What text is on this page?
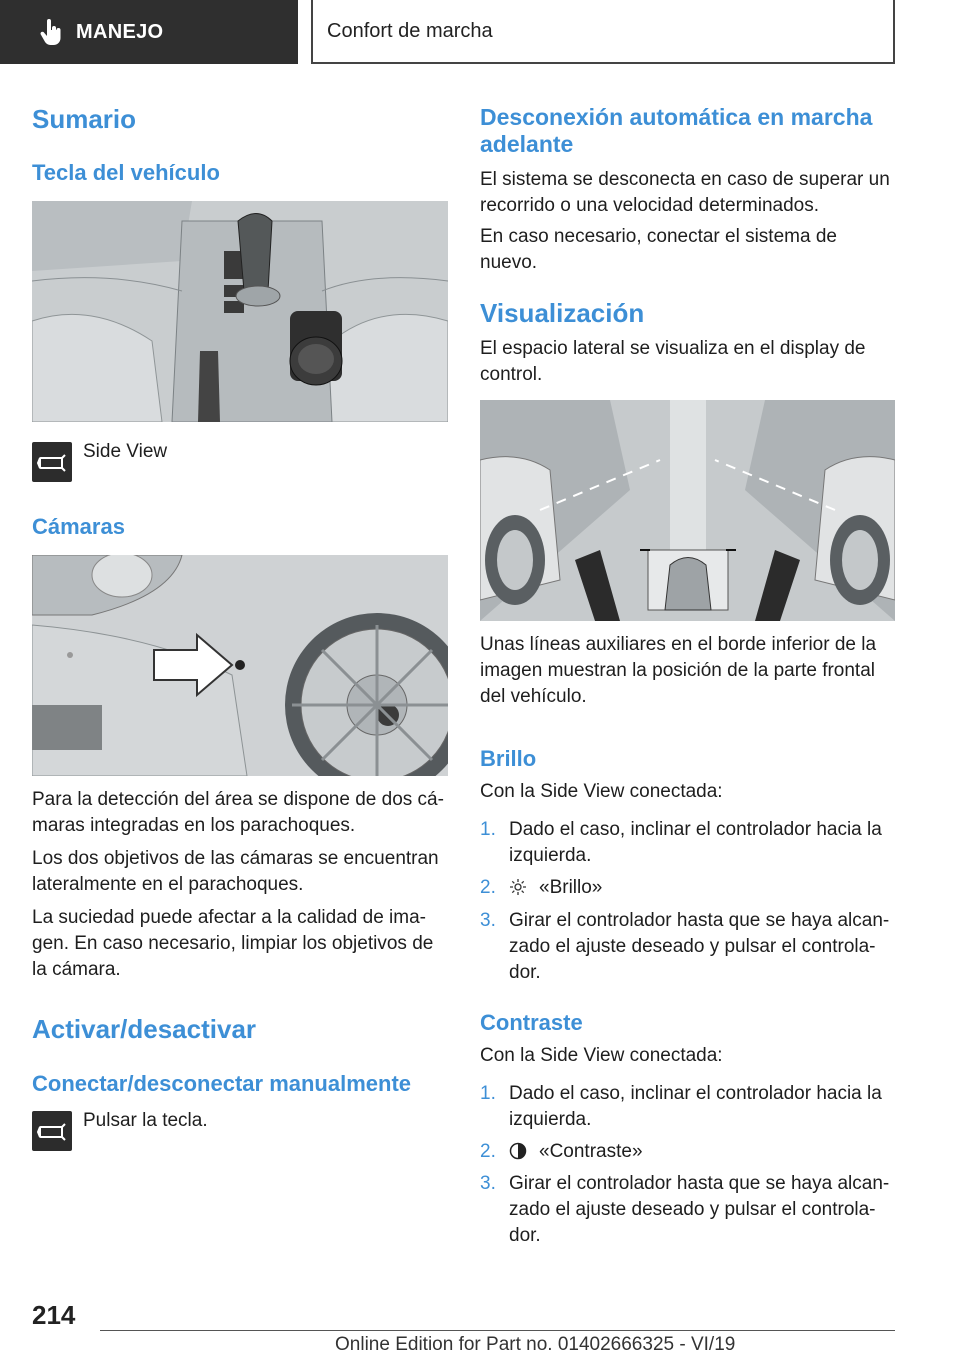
MANEJO	Confort de marcha

Sumario

Tecla del vehículo

Side View

Cámaras

Para la detección del área se dispone de dos cá-

maras integradas en los parachoques.

Los dos objetivos de las cámaras se encuentran

lateralmente en el parachoques.

La suciedad puede afectar a la calidad de ima-

gen. En caso necesario, limpiar los objetivos de

la cámara.

Activar/desactivar

Conectar/desconectar manualmente

Pulsar la tecla.

Desconexión automática en marcha

adelante

El sistema se desconecta en caso de superar un

recorrido o una velocidad determinados.

En caso necesario, conectar el sistema de

nuevo.

Visualización

El espacio lateral se visualiza en el display de

control.

Unas líneas auxiliares en el borde inferior de la

imagen muestran la posición de la parte frontal

del vehículo.

Brillo

Con la Side View conectada:

1. Dado el caso, inclinar el controlador hacia la
izquierda.
2.	«Brillo»
3. Girar el controlador hasta que se haya alcan-
zado el ajuste deseado y pulsar el controla-
dor.

Contraste

Con la Side View conectada:

1. Dado el caso, inclinar el controlador hacia la
izquierda.
2.	«Contraste»
3. Girar el controlador hasta que se haya alcan-
zado el ajuste deseado y pulsar el controla-
dor.
214
Online Edition for Part no. 01402666325 - VI/19
